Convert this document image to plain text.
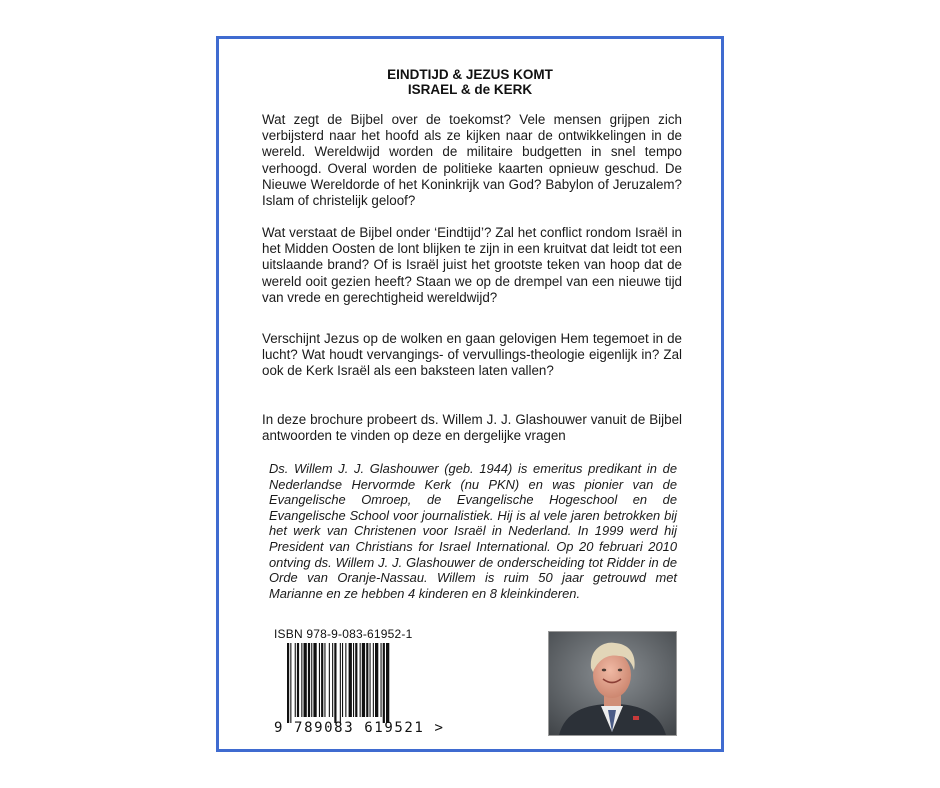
EINDTIJD & JEZUS KOMT
ISRAEL & de KERK
Wat zegt de Bijbel over de toekomst? Vele mensen grijpen zich verbijsterd naar het hoofd als ze kijken naar de ontwikkelingen in de wereld. Wereldwijd worden de militaire budgetten in snel tempo verhoogd. Overal worden de politieke kaarten opnieuw geschud. De Nieuwe Wereldorde of het Koninkrijk van God? Babylon of Jeruzalem? Islam of christelijk geloof?
Wat verstaat de Bijbel onder ‘Eindtijd’? Zal het conflict rondom Israël in het Midden Oosten de lont blijken te zijn in een kruitvat dat leidt tot een uitslaande brand? Of is Israël juist het grootste teken van hoop dat de wereld ooit gezien heeft? Staan we op de drempel van een nieuwe tijd van vrede en gerechtigheid wereldwijd?
Verschijnt Jezus op de wolken en gaan gelovigen Hem tegemoet in de lucht? Wat houdt vervangings- of vervullings-theologie eigenlijk in? Zal ook de Kerk Israël als een baksteen laten vallen?
In deze brochure probeert ds. Willem J. J. Glashouwer vanuit de Bijbel antwoorden te vinden op deze en dergelijke vragen
Ds. Willem J. J. Glashouwer (geb. 1944) is emeritus predikant in de Nederlandse Hervormde Kerk (nu PKN) en was pionier van de Evangelische Omroep, de Evangelische Hogeschool en de Evangelische School voor journalistiek. Hij is al vele jaren betrokken bij het werk van Christenen voor Israël in Nederland. In 1999 werd hij President van Christians for Israel International. Op 20 februari 2010 ontving ds. Willem J. J. Glashouwer de onderscheiding tot Ridder in de Orde van Oranje-Nassau. Willem is ruim 50 jaar getrouwd met Marianne en ze hebben 4 kinderen en 8 kleinkinderen.
ISBN 978-9-083-61952-1
9 789083 619521 >
